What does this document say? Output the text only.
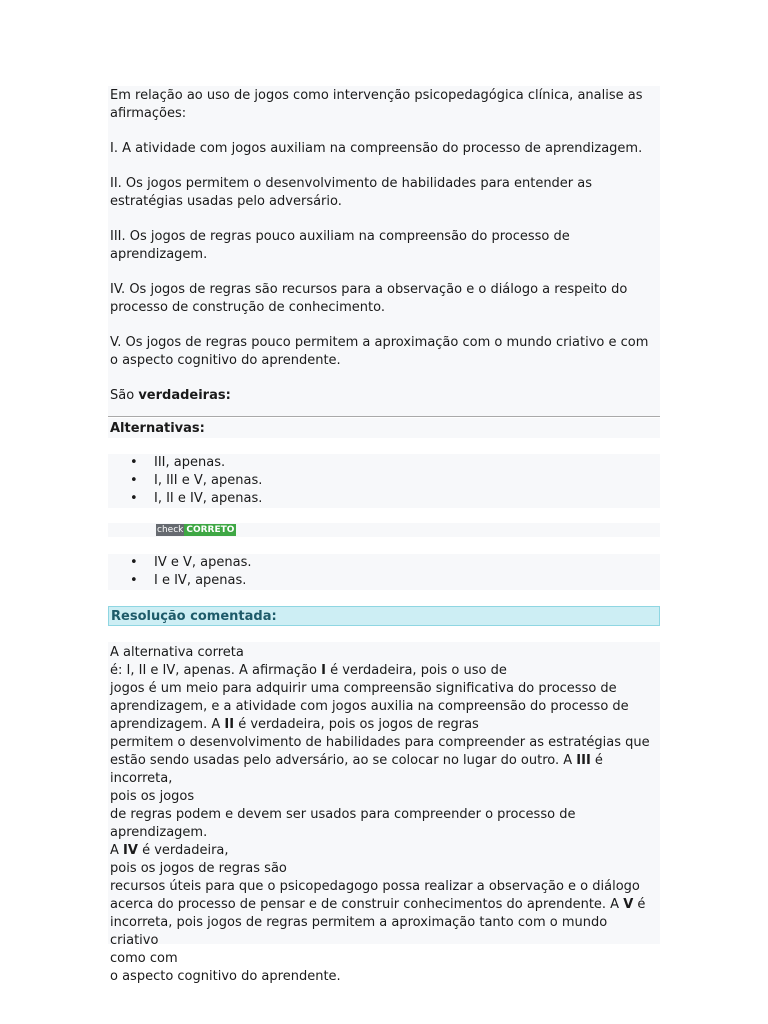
Em relação ao uso de jogos como intervenção psicopedagógica clínica, analise as afirmações:

I. A atividade com jogos auxiliam na compreensão do processo de aprendizagem.

II. Os jogos permitem o desenvolvimento de habilidades para entender as estratégias usadas pelo adversário.

III. Os jogos de regras pouco auxiliam na compreensão do processo de aprendizagem.

IV. Os jogos de regras são recursos para a observação e o diálogo a respeito do processo de construção de conhecimento.

V. Os jogos de regras pouco permitem a aproximação com o mundo criativo e com o aspecto cognitivo do aprendente.

São verdadeiras:

Alternativas:
• III, apenas.
• I, III e V, apenas.
• I, II e IV, apenas.
check CORRETO
• IV e V, apenas.
• I e IV, apenas.
Resolução comentada:
A alternativa correta
é: I, II e IV, apenas. A afirmação I é verdadeira, pois o uso de
jogos é um meio para adquirir uma compreensão significativa do processo de
aprendizagem, e a atividade com jogos auxilia na compreensão do processo de
aprendizagem. A II é verdadeira, pois os jogos de regras
permitem o desenvolvimento de habilidades para compreender as estratégias que
estão sendo usadas pelo adversário, ao se colocar no lugar do outro. A III é incorreta,
pois os jogos
de regras podem e devem ser usados para compreender o processo de aprendizagem.
A IV é verdadeira,
pois os jogos de regras são
recursos úteis para que o psicopedagogo possa realizar a observação e o diálogo
acerca do processo de pensar e de construir conhecimentos do aprendente. A V é
incorreta, pois jogos de regras permitem a aproximação tanto com o mundo criativo
como com
o aspecto cognitivo do aprendente.
